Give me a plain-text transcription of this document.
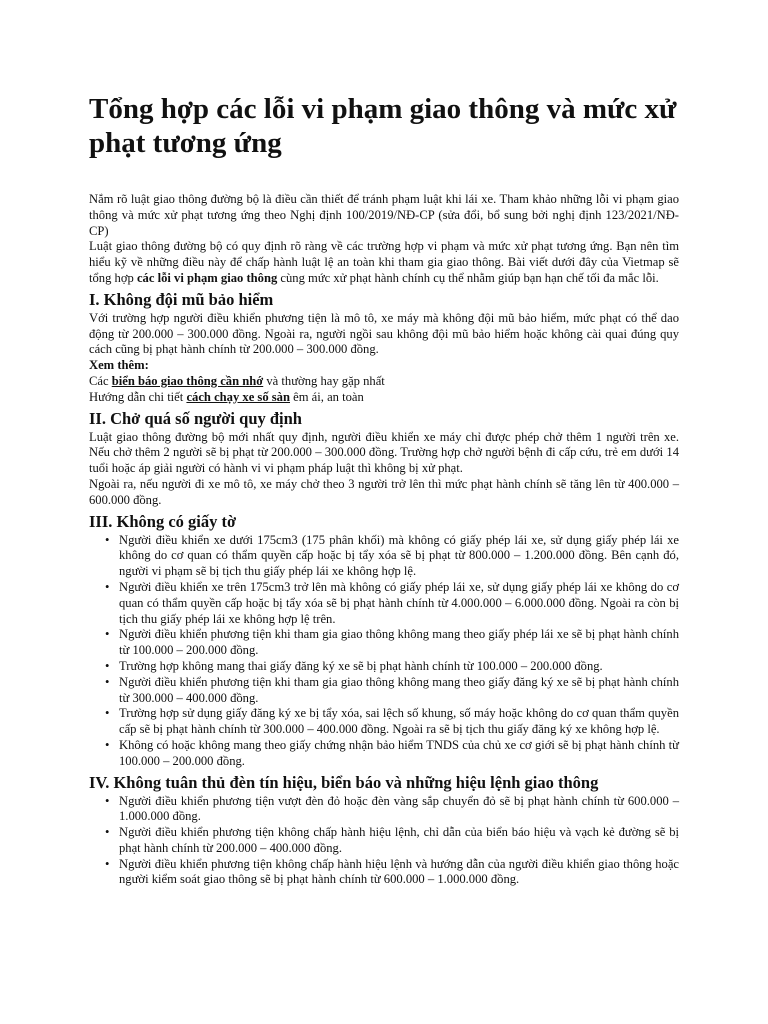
Tổng hợp các lỗi vi phạm giao thông và mức xử phạt tương ứng

Nắm rõ luật giao thông đường bộ là điều cần thiết để tránh phạm luật khi lái xe. Tham khảo những lỗi vi phạm giao thông và mức xử phạt tương ứng theo Nghị định 100/2019/NĐ-CP (sửa đổi, bổ sung bởi nghị định 123/2021/NĐ-CP)

Luật giao thông đường bộ có quy định rõ ràng về các trường hợp vi phạm và mức xử phạt tương ứng. Bạn nên tìm hiểu kỹ về những điều này để chấp hành luật lệ an toàn khi tham gia giao thông. Bài viết dưới đây của Vietmap sẽ tổng hợp các lỗi vi phạm giao thông cùng mức xử phạt hành chính cụ thể nhằm giúp bạn hạn chế tối đa mắc lỗi.

I. Không đội mũ bảo hiểm

Với trường hợp người điều khiển phương tiện là mô tô, xe máy mà không đội mũ bảo hiểm, mức phạt có thể dao động từ 200.000 – 300.000 đồng. Ngoài ra, người ngồi sau không đội mũ bảo hiểm hoặc không cài quai đúng quy cách cũng bị phạt hành chính từ 200.000 – 300.000 đồng.

Xem thêm:

Các biển báo giao thông cần nhớ và thường hay gặp nhất

Hướng dẫn chi tiết cách chạy xe số sàn êm ái, an toàn

II. Chở quá số người quy định

Luật giao thông đường bộ mới nhất quy định, người điều khiển xe máy chỉ được phép chở thêm 1 người trên xe. Nếu chở thêm 2 người sẽ bị phạt từ 200.000 – 300.000 đồng. Trường hợp chở người bệnh đi cấp cứu, trẻ em dưới 14 tuổi hoặc áp giải người có hành vi vi phạm pháp luật thì không bị xử phạt.

Ngoài ra, nếu người đi xe mô tô, xe máy chở theo 3 người trở lên thì mức phạt hành chính sẽ tăng lên từ 400.000 – 600.000 đồng.

III. Không có giấy tờ
• Người điều khiển xe dưới 175cm3 (175 phân khối) mà không có giấy phép lái xe, sử dụng giấy phép lái xe không do cơ quan có thẩm quyền cấp hoặc bị tẩy xóa sẽ bị phạt từ 800.000 – 1.200.000 đồng. Bên cạnh đó, người vi phạm sẽ bị tịch thu giấy phép lái xe không hợp lệ.
• Người điều khiển xe trên 175cm3 trở lên mà không có giấy phép lái xe, sử dụng giấy phép lái xe không do cơ quan có thẩm quyền cấp hoặc bị tẩy xóa sẽ bị phạt hành chính từ 4.000.000 – 6.000.000 đồng. Ngoài ra còn bị tịch thu giấy phép lái xe không hợp lệ trên.
• Người điều khiển phương tiện khi tham gia giao thông không mang theo giấy phép lái xe sẽ bị phạt hành chính từ 100.000 – 200.000 đồng.
• Trường hợp không mang thai giấy đăng ký xe sẽ bị phạt hành chính từ 100.000 – 200.000 đồng.
• Người điều khiển phương tiện khi tham gia giao thông không mang theo giấy đăng ký xe sẽ bị phạt hành chính từ 300.000 – 400.000 đồng.
• Trường hợp sử dụng giấy đăng ký xe bị tẩy xóa, sai lệch số khung, số máy hoặc không do cơ quan thẩm quyền cấp sẽ bị phạt hành chính từ 300.000 – 400.000 đồng. Ngoài ra sẽ bị tịch thu giấy đăng ký xe không hợp lệ.
• Không có hoặc không mang theo giấy chứng nhận bảo hiểm TNDS của chủ xe cơ giới sẽ bị phạt hành chính từ 100.000 – 200.000 đồng.
IV. Không tuân thủ đèn tín hiệu, biển báo và những hiệu lệnh giao thông
• Người điều khiển phương tiện vượt đèn đỏ hoặc đèn vàng sắp chuyển đỏ sẽ bị phạt hành chính từ 600.000 – 1.000.000 đồng.
• Người điều khiển phương tiện không chấp hành hiệu lệnh, chỉ dẫn của biển báo hiệu và vạch kẻ đường sẽ bị phạt hành chính từ 200.000 – 400.000 đồng.
• Người điều khiển phương tiện không chấp hành hiệu lệnh và hướng dẫn của người điều khiển giao thông hoặc người kiểm soát giao thông sẽ bị phạt hành chính từ 600.000 – 1.000.000 đồng.
